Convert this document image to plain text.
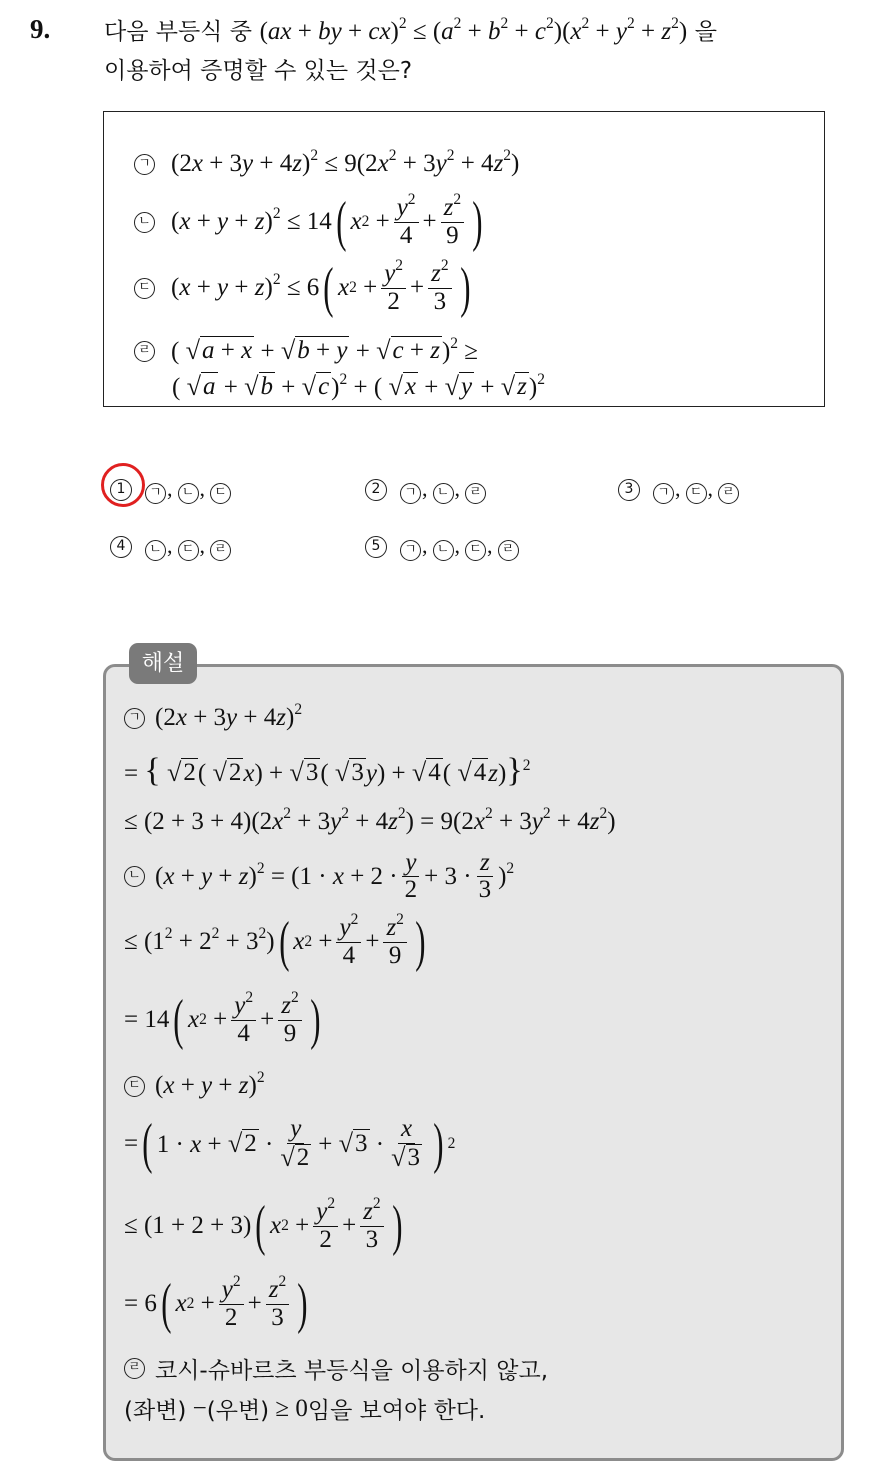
9. 다음 부등식 중 (ax + by + $cx)^2 \le (a^2 + b^2 + c^2)(x^2 + y^2 + z^2)$ 을
이용하여 증명할 수 있는 것은?
ㄱ $(2x + 3y + 4z)^2 \le 9(2x^2 + 3y^2 + 4z^2)$
ㄴ $(x + y + z)^2 \le 14$ ( x $2 + \frac{y^2}{4} + \frac{z^2}{9}$ )
ㄷ $(x + y + z)^2 \le 6$ ( x $2 + \frac{y^2}{2} + \frac{z^2}{3}$ )
ㄹ ( √ a + x + √ b + y + √ c + z )$^2$ ≥
( √ a + √ b + √ c )$^2$ + ( √ x + √ y + √ z )$^2$
1	ㄱ , ㄴ , ㄷ	2	ㄱ , ㄴ , ㄹ	3	ㄱ , ㄷ , ㄹ
4	ㄴ , ㄷ , ㄹ	5	ㄱ , ㄴ , ㄷ , ㄹ
해설
ㄱ $(2x + 3y + 4z)^2$
= { √ 2 ( √ 2 x) + √ 3 ( √ 3 y) + √ 4 ( √ 4 z)}$^2$
≤ $(2 + 3 + 4)(2x^2 + 3y^2 + 4z^2) = 9(2x^2 + 3y^2 + 4z^2)$
ㄴ $(x + y + z)^2 = (1 \cdot x + 2 \cdot \frac{y}{2} + 3 \cdot \frac{z}{3} )^2$
≤ $(1^2 + 2^2 + 3^2)$ ( x $2 + \frac{y^2}{4} + \frac{z^2}{9}$ )
= 14 ( x $2 + \frac{y^2}{4} + \frac{z^2}{9}$ )
ㄷ $(x + y + z)^2$
= ( 1 · x + √ $2 \cdot \frac{y}{√ 2}$ + √ $3 \cdot \frac{x}{√ 3}$ ) 2
≤ (1 + 2 + 3) ( x $2 + \frac{y^2}{2} + \frac{z^2}{3}$ )
= 6 ( x $2 + \frac{y^2}{2} + \frac{z^2}{3}$ )
ㄹ 코시-슈바르츠 부등식을 이용하지 않고,
(좌변) − (우변) ≥ 0 임을 보여야 한다.
